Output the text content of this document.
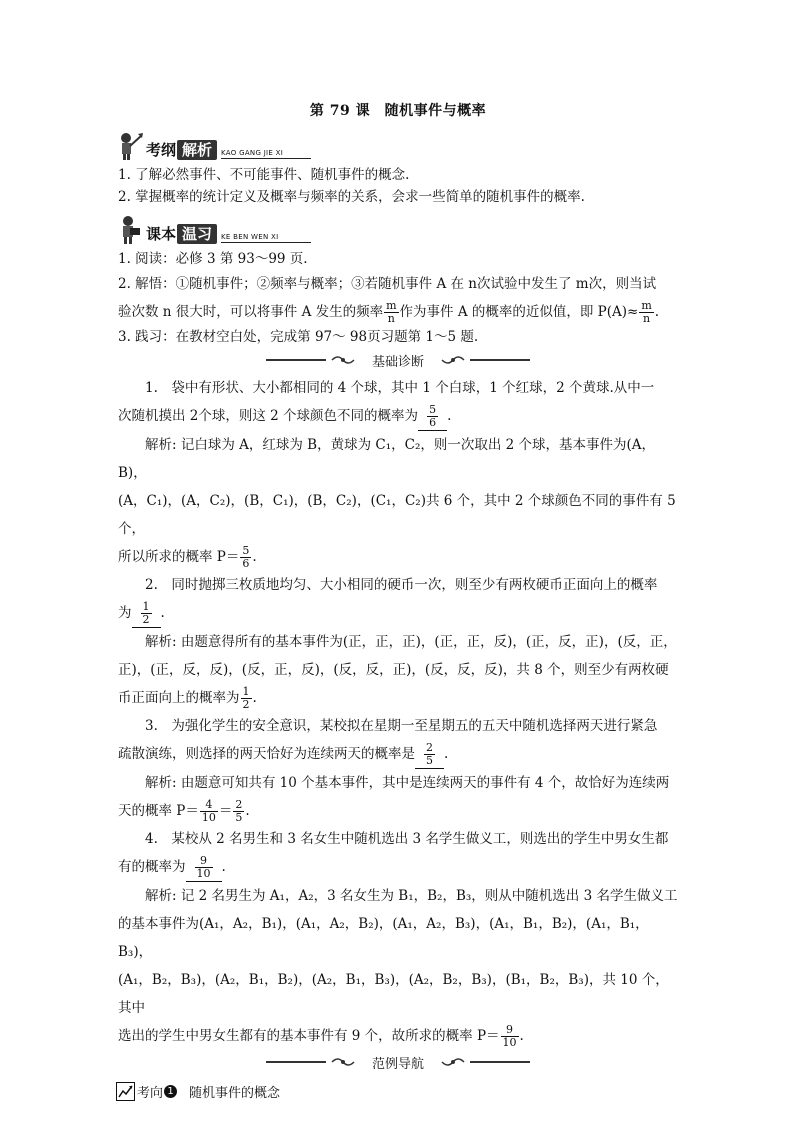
第 79 课　随机事件与概率

考纲 解析	KAO GANG JIE XI

1. 了解必然事件、不可能事件、随机事件的概念.

2. 掌握概率的统计定义及概率与频率的关系，会求一些简单的随机事件的概率.

课本 温习	KE BEN WEN XI

1. 阅读：必修 3 第 93～99 页.

2. 解悟：①随机事件；②频率与概率；③若随机事件 A 在 n次试验中发生了 m次，则当试

验次数 n 很大时，可以将事件 A 发生的频率 $\frac{m}{n}$ 作为事件 A 的概率的近似值，即 $P(A)\approx \frac{m}{n}$ .

3. 践习：在教材空白处，完成第 97～ 98页习题第 1～5 题.

基础诊断

1.　袋中有形状、大小都相同的 4 个球，其中 1 个白球，1 个红球，2 个黄球.从中一

次随机摸出 2个球，则这 2 个球颜色不同的概率为 $\frac{5}{6}$ .

解析: 记白球为 A，红球为 B，黄球为 C₁，C₂，则一次取出 2 个球，基本事件为(A，B)，

(A，C₁)，(A，C₂)，(B，C₁)，(B，C₂)，(C₁，C₂)共 6 个，其中 2 个球颜色不同的事件有 5 个，

所以所求的概率 $P= \frac{5}{6}$ .

2.　同时抛掷三枚质地均匀、大小相同的硬币一次，则至少有两枚硬币正面向上的概率

为 $\frac{1}{2}$ .

解析: 由题意得所有的基本事件为(正，正，正)，(正，正，反)，(正，反，正)，(反，正，

正)，(正，反，反)，(反，正，反)，(反，反，正)，(反，反，反)，共 8 个，则至少有两枚硬

币正面向上的概率为 $\frac{1}{2}$ .

3.　为强化学生的安全意识，某校拟在星期一至星期五的五天中随机选择两天进行紧急

疏散演练，则选择的两天恰好为连续两天的概率是 $\frac{2}{5}$ .

解析: 由题意可知共有 10 个基本事件，其中是连续两天的事件有 4 个，故恰好为连续两

天的概率 $P= \frac{4}{10} = \frac{2}{5}$ .

4.　某校从 2 名男生和 3 名女生中随机选出 3 名学生做义工，则选出的学生中男女生都

有的概率为 $\frac{9}{10}$ .

解析: 记 2 名男生为 A₁，A₂，3 名女生为 B₁，B₂，B₃，则从中随机选出 3 名学生做义工

的基本事件为(A₁，A₂，B₁)，(A₁，A₂，B₂)，(A₁，A₂，B₃)，(A₁，B₁，B₂)，(A₁，B₁，B₃)，

(A₁，B₂，B₃)，(A₂，B₁，B₂)，(A₂，B₁，B₃)，(A₂，B₂，B₃)，(B₁，B₂，B₃)，共 10 个，其中

选出的学生中男女生都有的基本事件有 9 个，故所求的概率 $P= \frac{9}{10}$ .

范例导航
考向 1 随机事件的概念
